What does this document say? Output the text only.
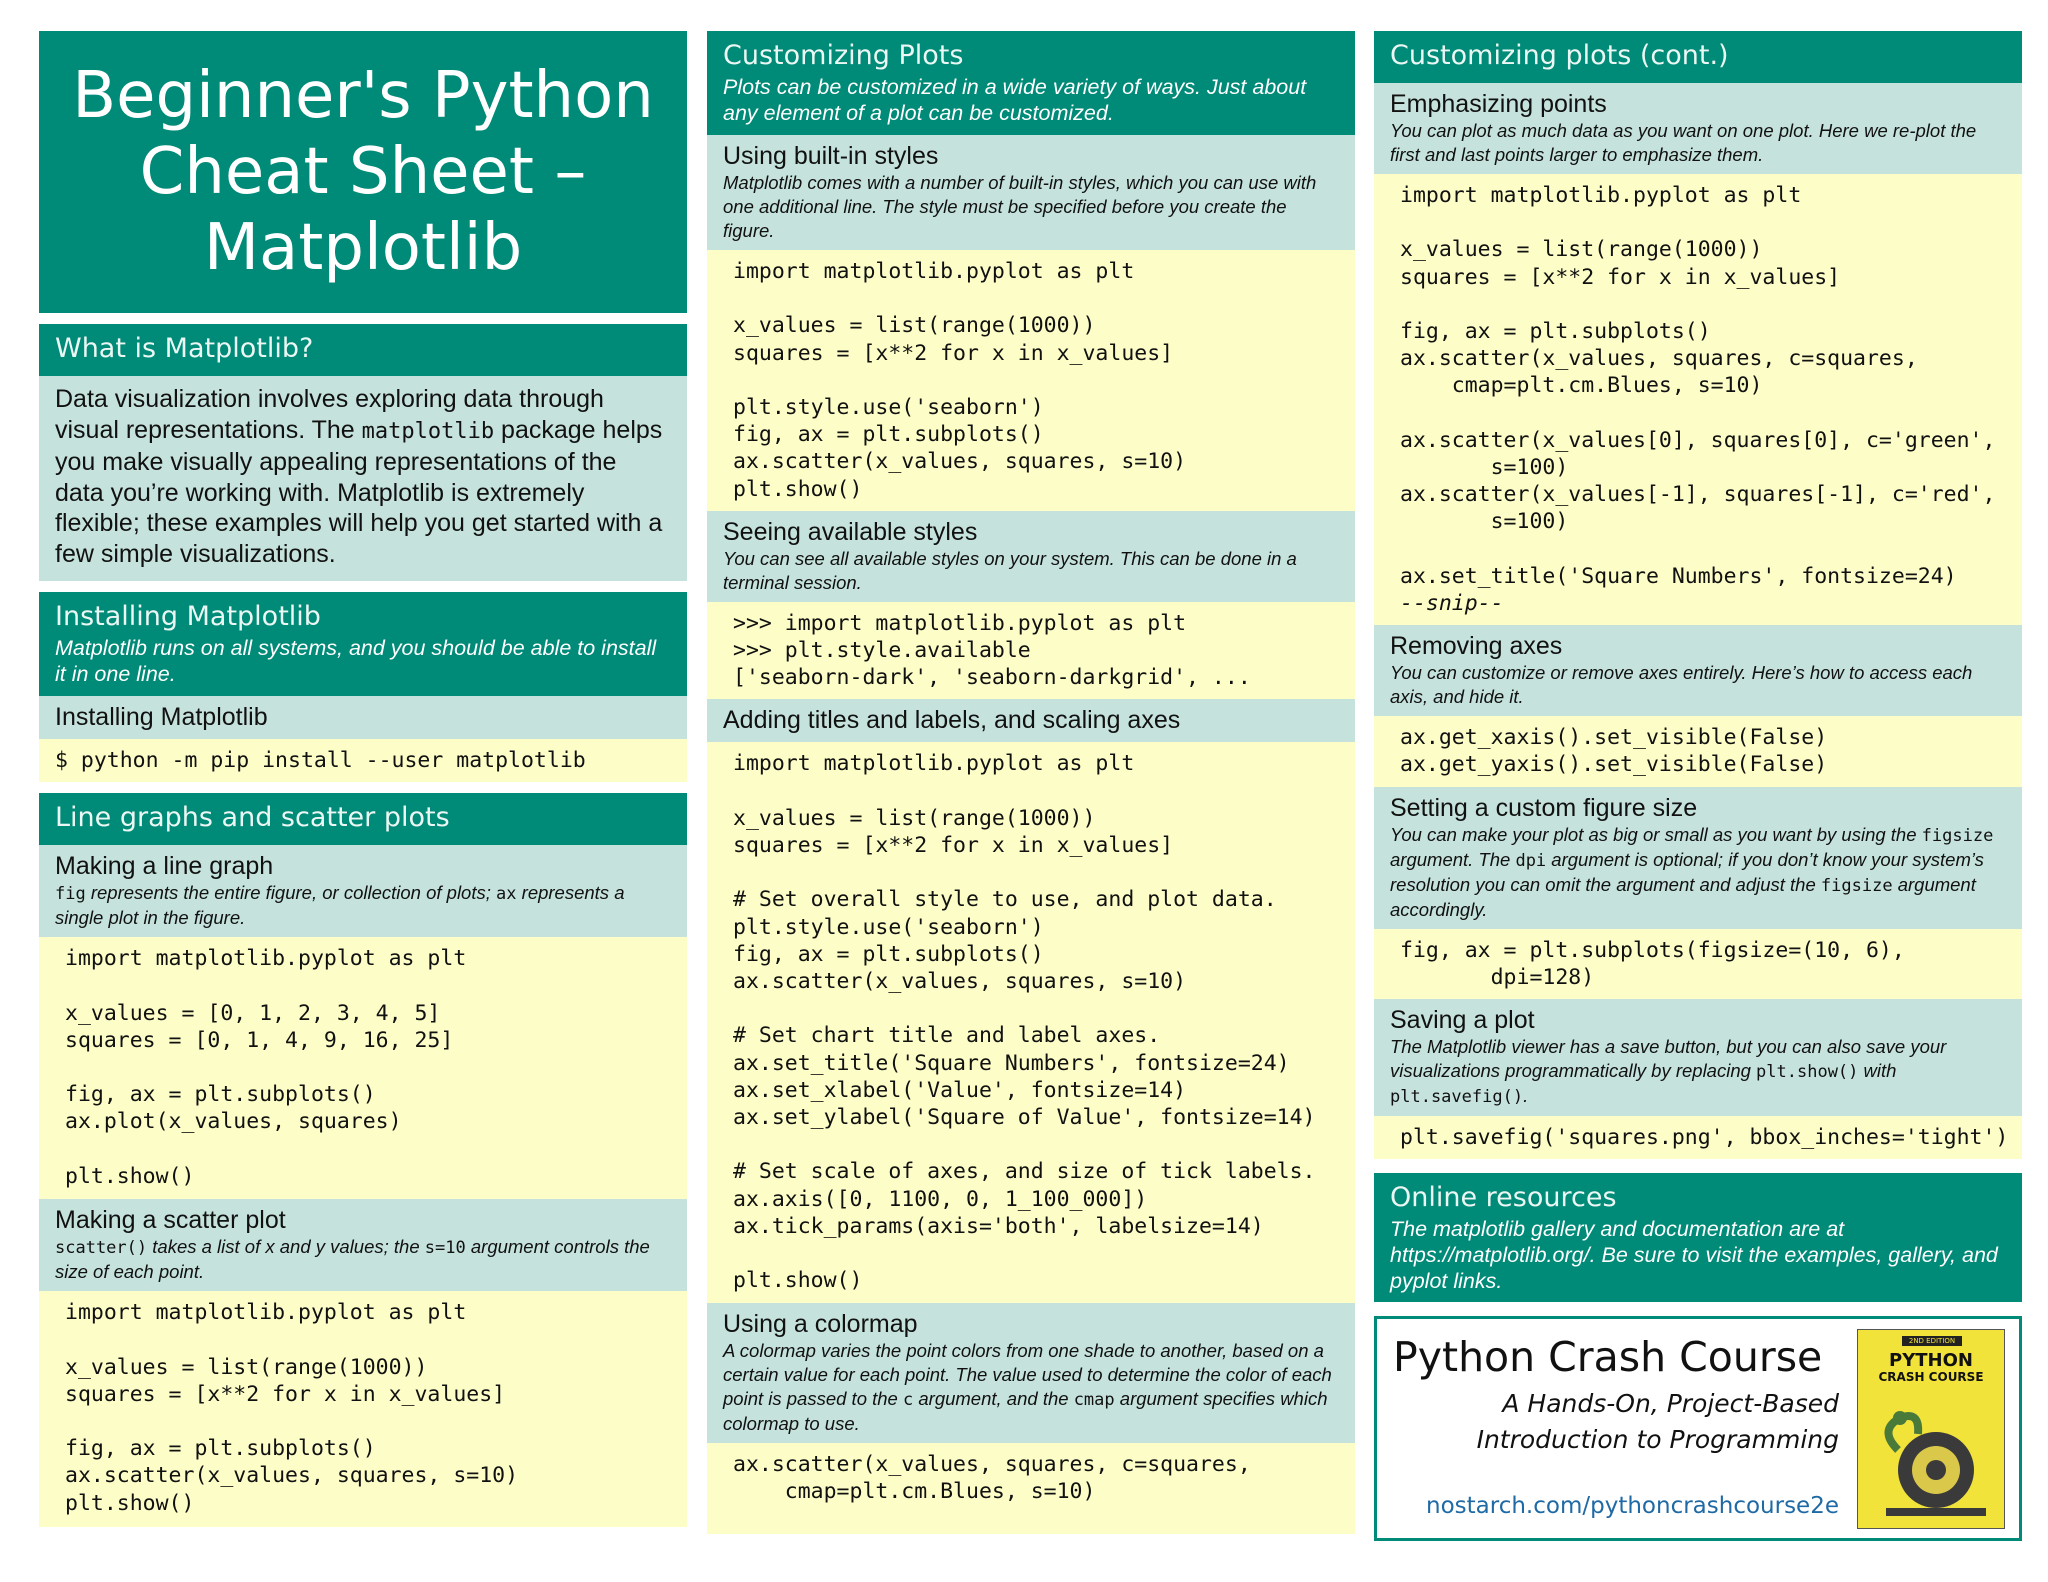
Beginner's Python
Cheat Sheet –
Matplotlib
What is Matplotlib?
Data visualization involves exploring data through visual representations. The matplotlib package helps you make visually appealing representations of the data you’re working with. Matplotlib is extremely flexible; these examples will help you get started with a few simple visualizations.
Installing Matplotlib
Matplotlib runs on all systems, and you should be able to install it in one line.
Installing Matplotlib
$ python -m pip install --user matplotlib
Line graphs and scatter plots
Making a line graph
fig represents the entire figure, or collection of plots; ax represents a single plot in the figure.
import matplotlib.pyplot as plt

x_values = [0, 1, 2, 3, 4, 5]
squares = [0, 1, 4, 9, 16, 25]

fig, ax = plt.subplots()
ax.plot(x_values, squares)

plt.show()
Making a scatter plot
scatter() takes a list of x and y values; the s=10 argument controls the size of each point.
import matplotlib.pyplot as plt

x_values = list(range(1000))
squares = [x**2 for x in x_values]

fig, ax = plt.subplots()
ax.scatter(x_values, squares, s=10)
plt.show()
Customizing Plots
Plots can be customized in a wide variety of ways. Just about any element of a plot can be customized.
Using built-in styles
Matplotlib comes with a number of built-in styles, which you can use with one additional line. The style must be specified before you create the figure.
import matplotlib.pyplot as plt

x_values = list(range(1000))
squares = [x**2 for x in x_values]

plt.style.use('seaborn')
fig, ax = plt.subplots()
ax.scatter(x_values, squares, s=10)
plt.show()
Seeing available styles
You can see all available styles on your system. This can be done in a terminal session.
>>> import matplotlib.pyplot as plt
>>> plt.style.available
['seaborn-dark', 'seaborn-darkgrid', ...
Adding titles and labels, and scaling axes
import matplotlib.pyplot as plt

x_values = list(range(1000))
squares = [x**2 for x in x_values]

# Set overall style to use, and plot data.
plt.style.use('seaborn')
fig, ax = plt.subplots()
ax.scatter(x_values, squares, s=10)

# Set chart title and label axes.
ax.set_title('Square Numbers', fontsize=24)
ax.set_xlabel('Value', fontsize=14)
ax.set_ylabel('Square of Value', fontsize=14)

# Set scale of axes, and size of tick labels.
ax.axis([0, 1100, 0, 1_100_000])
ax.tick_params(axis='both', labelsize=14)

plt.show()
Using a colormap
A colormap varies the point colors from one shade to another, based on a certain value for each point. The value used to determine the color of each point is passed to the c argument, and the cmap argument specifies which colormap to use.
ax.scatter(x_values, squares, c=squares,
cmap=plt.cm.Blues, s=10)
Customizing plots (cont.)
Emphasizing points
You can plot as much data as you want on one plot. Here we re-plot the first and last points larger to emphasize them.
import matplotlib.pyplot as plt

x_values = list(range(1000))
squares = [x**2 for x in x_values]

fig, ax = plt.subplots()
ax.scatter(x_values, squares, c=squares,
cmap=plt.cm.Blues, s=10)

ax.scatter(x_values[0], squares[0], c='green',
s=100)
ax.scatter(x_values[-1], squares[-1], c='red',
s=100)

ax.set_title('Square Numbers', fontsize=24)
--snip--
Removing axes
You can customize or remove axes entirely. Here’s how to access each axis, and hide it.
ax.get_xaxis().set_visible(False)
ax.get_yaxis().set_visible(False)
Setting a custom figure size
You can make your plot as big or small as you want by using the figsize argument. The dpi argument is optional; if you don’t know your system’s resolution you can omit the argument and adjust the figsize argument accordingly.
fig, ax = plt.subplots(figsize=(10, 6),
dpi=128)
Saving a plot
The Matplotlib viewer has a save button, but you can also save your visualizations programmatically by replacing plt.show() with plt.savefig().
plt.savefig('squares.png', bbox_inches='tight')
Online resources
The matplotlib gallery and documentation are at https://matplotlib.org/. Be sure to visit the examples, gallery, and pyplot links.
Python Crash Course
A Hands-On, Project-Based
Introduction to Programming
nostarch.com/pythoncrashcourse2e
2ND EDITION
PYTHON
CRASH COURSE
